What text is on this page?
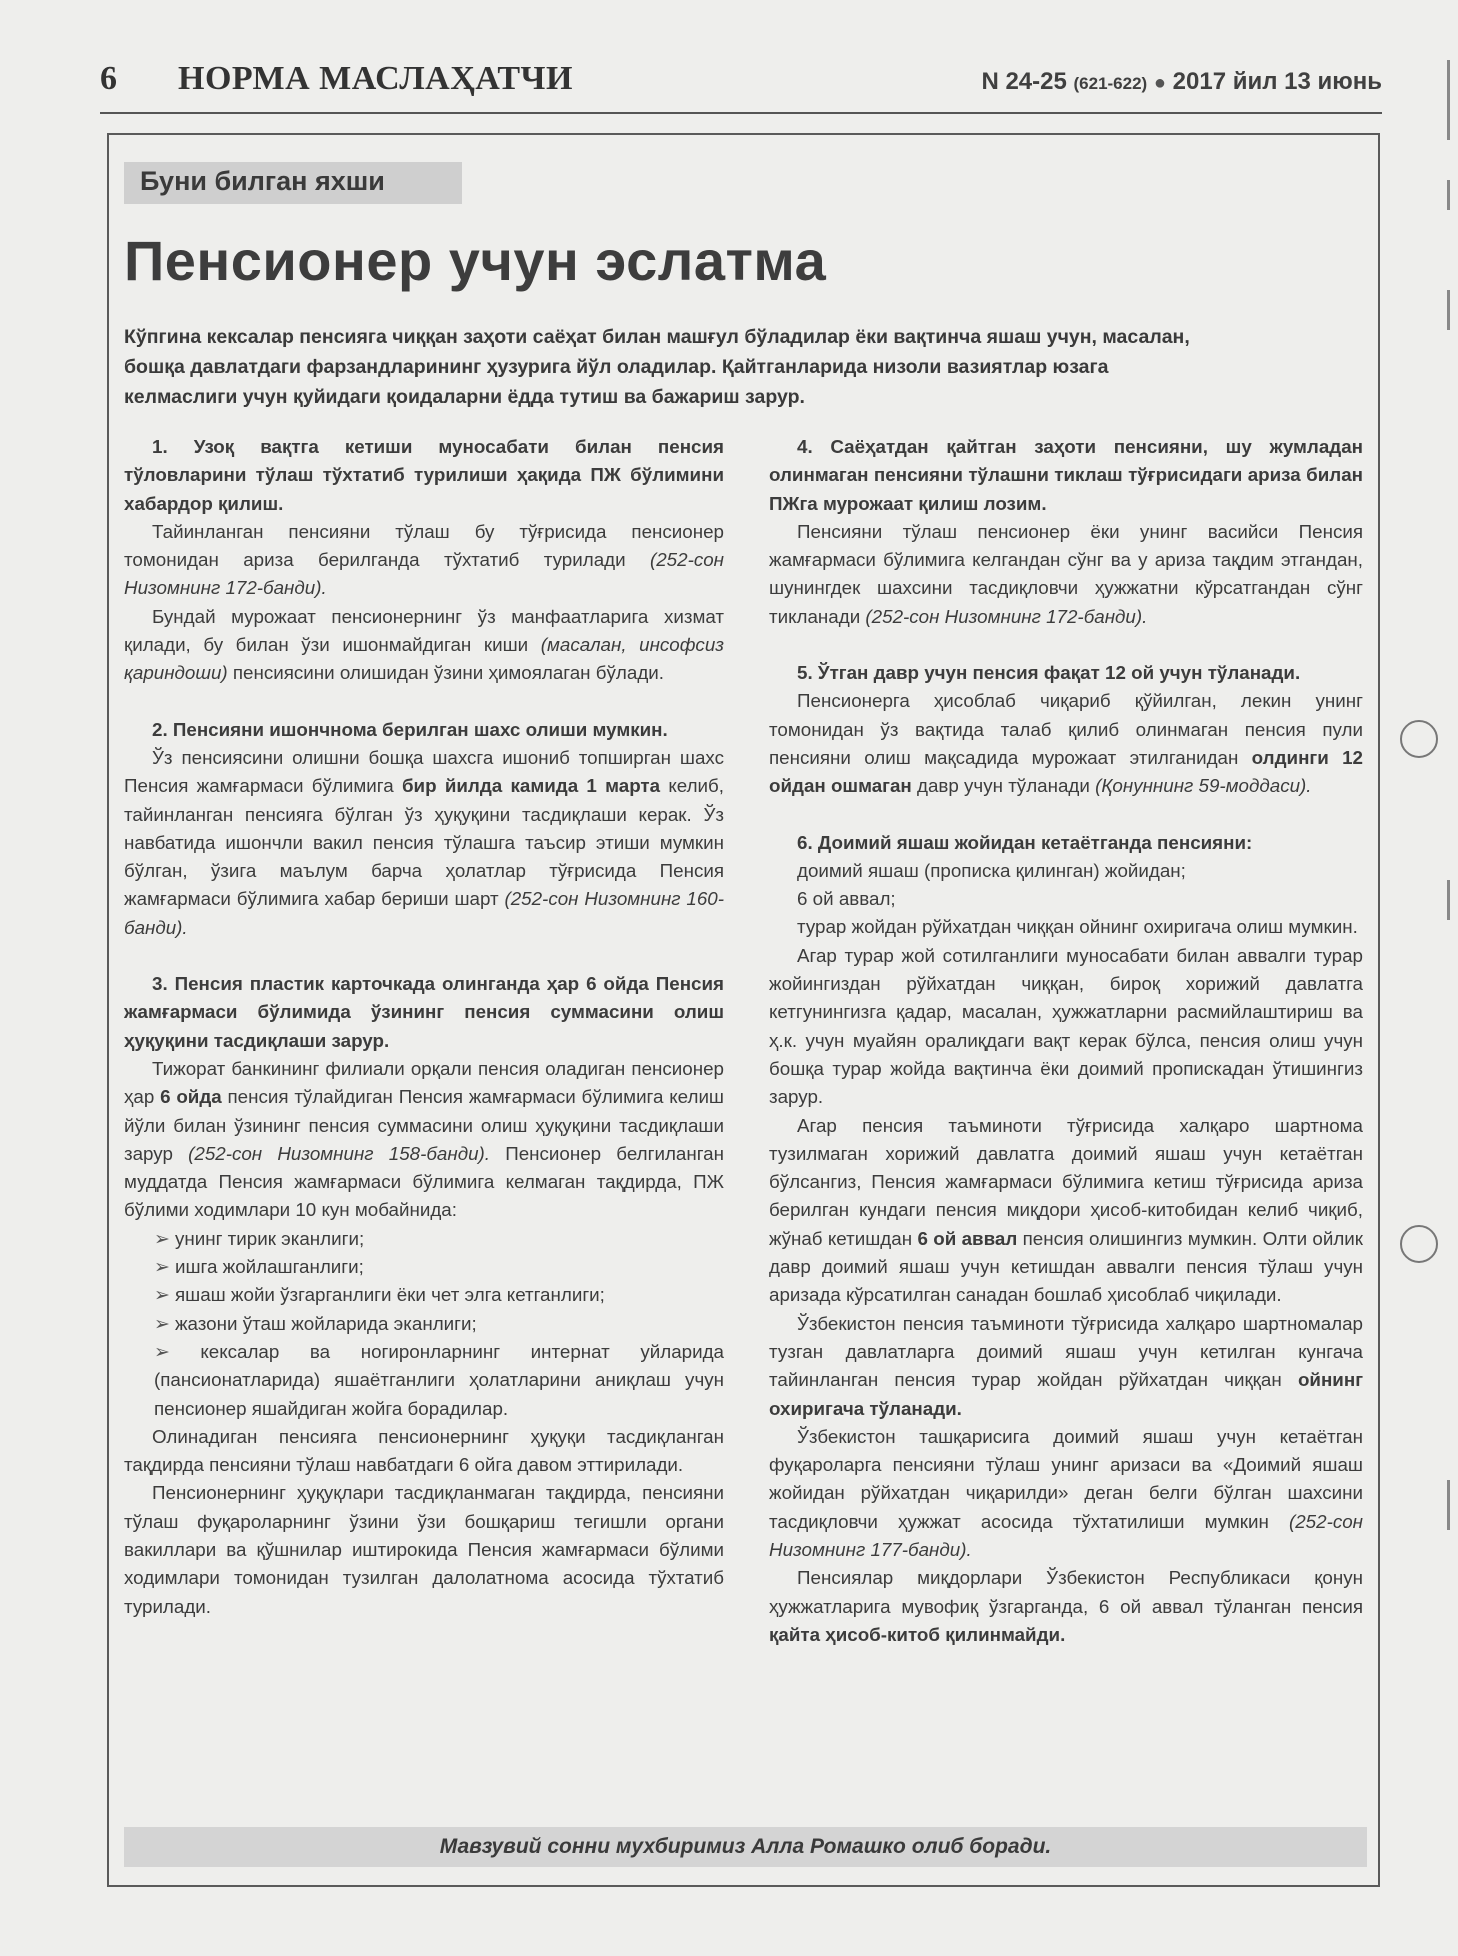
6 НОРМА МАСЛАҲАТЧИ	N 24-25 (621-622) ● 2017 йил 13 июнь
Буни билган яхши
Пенсионер учун эслатма
Кўпгина кексалар пенсияга чиққан заҳоти саёҳат билан машғул бўладилар ёки вақтинча яшаш учун, масалан, бошқа давлатдаги фарзандларининг ҳузурига йўл оладилар. Қайтганларида низоли вазиятлар юзага келмаслиги учун қуйидаги қоидаларни ёдда тутиш ва бажариш зарур.

1. Узоқ вақтга кетиши муносабати билан пенсия тўловларини тўлаш тўхтатиб турилиши ҳақида ПЖ бўлимини хабардор қилиш.

Тайинланган пенсияни тўлаш бу тўғрисида пенсионер томонидан ариза берилганда тўхтатиб турилади (252-сон Низомнинг 172-банди).

Бундай мурожаат пенсионернинг ўз манфаатларига хизмат қилади, бу билан ўзи ишонмайдиган киши (масалан, инсофсиз қариндоши) пенсиясини олишидан ўзини ҳимоялаган бўлади.

2. Пенсияни ишончнома берилган шахс олиши мумкин.

Ўз пенсиясини олишни бошқа шахсга ишониб топширган шахс Пенсия жамғармаси бўлимига бир йилда камида 1 марта келиб, тайинланган пенсияга бўлган ўз ҳуқуқини тасдиқлаши керак. Ўз навбатида ишончли вакил пенсия тўлашга таъсир этиши мумкин бўлган, ўзига маълум барча ҳолатлар тўғрисида Пенсия жамғармаси бўлимига хабар бериши шарт (252-сон Низомнинг 160-банди).

3. Пенсия пластик карточкада олинганда ҳар 6 ойда Пенсия жамғармаси бўлимида ўзининг пенсия суммасини олиш ҳуқуқини тасдиқлаши зарур.

Тижорат банкининг филиали орқали пенсия оладиган пенсионер ҳар 6 ойда пенсия тўлайдиган Пенсия жамғармаси бўлимига келиш йўли билан ўзининг пенсия суммасини олиш ҳуқуқини тасдиқлаши зарур (252-сон Низомнинг 158-банди). Пенсионер белгиланган муддатда Пенсия жамғармаси бўлимига келмаган тақдирда, ПЖ бўлими ходимлари 10 кун мобайнида:

➢ унинг тирик эканлиги;

➢ ишга жойлашганлиги;

➢ яшаш жойи ўзгарганлиги ёки чет элга кетганлиги;

➢ жазони ўташ жойларида эканлиги;

➢ кексалар ва ногиронларнинг интернат уйларида (пансионатларида) яшаётганлиги ҳолатларини аниқлаш учун пенсионер яшайдиган жойга борадилар.

Олинадиган пенсияга пенсионернинг ҳуқуқи тасдиқланган тақдирда пенсияни тўлаш навбатдаги 6 ойга давом эттирилади.

Пенсионернинг ҳуқуқлари тасдиқланмаган тақдирда, пенсияни тўлаш фуқароларнинг ўзини ўзи бошқариш тегишли органи вакиллари ва қўшнилар иштирокида Пенсия жамғармаси бўлими ходимлари томонидан тузилган далолатнома асосида тўхтатиб турилади.

4. Саёҳатдан қайтган заҳоти пенсияни, шу жумладан олинмаган пенсияни тўлашни тиклаш тўғрисидаги ариза билан ПЖга мурожаат қилиш лозим.

Пенсияни тўлаш пенсионер ёки унинг васийси Пенсия жамғармаси бўлимига келгандан сўнг ва у ариза тақдим этгандан, шунингдек шахсини тасдиқловчи ҳужжатни кўрсатгандан сўнг тикланади (252-сон Низомнинг 172-банди).

5. Ўтган давр учун пенсия фақат 12 ой учун тўланади.

Пенсионерга ҳисоблаб чиқариб қўйилган, лекин унинг томонидан ўз вақтида талаб қилиб олинмаган пенсия пули пенсияни олиш мақсадида мурожаат этилганидан олдинги 12 ойдан ошмаган давр учун тўланади (Қонуннинг 59-моддаси).

6. Доимий яшаш жойидан кетаётганда пенсияни:

доимий яшаш (прописка қилинган) жойидан;

6 ой аввал;

турар жойдан рўйхатдан чиққан ойнинг охиригача олиш мумкин.

Агар турар жой сотилганлиги муносабати билан аввалги турар жойингиздан рўйхатдан чиққан, бироқ хорижий давлатга кетгунингизга қадар, масалан, ҳужжатларни расмийлаштириш ва ҳ.к. учун муайян оралиқдаги вақт керак бўлса, пенсия олиш учун бошқа турар жойда вақтинча ёки доимий пропискадан ўтишингиз зарур.

Агар пенсия таъминоти тўғрисида халқаро шартнома тузилмаган хорижий давлатга доимий яшаш учун кетаётган бўлсангиз, Пенсия жамғармаси бўлимига кетиш тўғрисида ариза берилган кундаги пенсия миқдори ҳисоб-китобидан келиб чиқиб, жўнаб кетишдан 6 ой аввал пенсия олишингиз мумкин. Олти ойлик давр доимий яшаш учун кетишдан аввалги пенсия тўлаш учун аризада кўрсатилган санадан бошлаб ҳисоблаб чиқилади.

Ўзбекистон пенсия таъминоти тўғрисида халқаро шартномалар тузган давлатларга доимий яшаш учун кетилган кунгача тайинланган пенсия турар жойдан рўйхатдан чиққан ойнинг охиригача тўланади.

Ўзбекистон ташқарисига доимий яшаш учун кетаётган фуқароларга пенсияни тўлаш унинг аризаси ва «Доимий яшаш жойидан рўйхатдан чиқарилди» деган белги бўлган шахсини тасдиқловчи ҳужжат асосида тўхтатилиши мумкин (252-сон Низомнинг 177-банди).

Пенсиялар миқдорлари Ўзбекистон Республикаси қонун ҳужжатларига мувофиқ ўзгарганда, 6 ой аввал тўланган пенсия қайта ҳисоб-китоб қилинмайди.

Мавзувий сонни мухбиримиз Алла Ромашко олиб боради.
